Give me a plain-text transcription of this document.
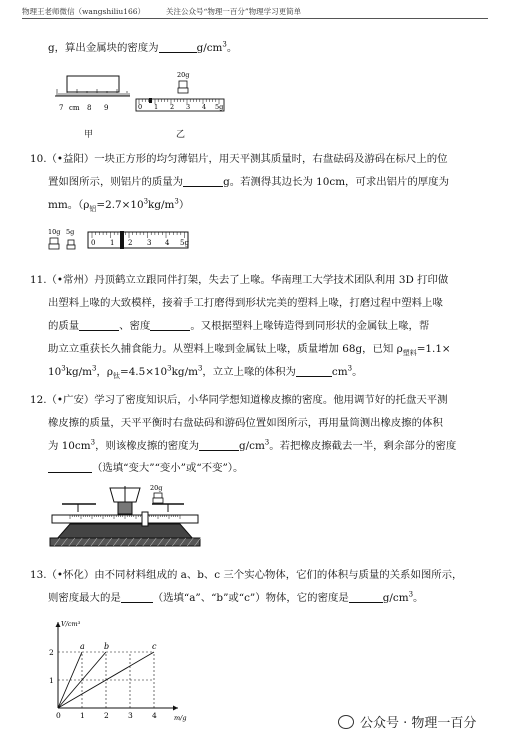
物理王老师微信（wangshiliu166）	关注公众号“物理一百分”物理学习更简单
g，算出金属块的密度为	$g/cm^3$。
7 cm 8 9
甲
20g
0 1 2 3 4 5g
乙
10.（•益阳）一块正方形的均匀薄铝片，用天平测其质量时，右盘砝码及游码在标尺上的位
置如图所示，则铝片的质量为	g。若测得其边长为 10cm，可求出铝片的厚度为
mm。$(\rho_铝=2.7\times 10^3kg/m^3)$
10g 5g
0 1 2 3 4 5g
11.（•常州）丹顶鹤立立跟同伴打架，失去了上喙。华南理工大学技术团队利用 3D 打印做
出塑料上喙的大致模样，接着手工打磨得到形状完美的塑料上喙，打磨过程中塑料上喙
的质量	、密度	。又根据塑料上喙铸造得到同形状的金属钛上喙，帮
助立立重获长久捕食能力。从塑料上喙到金属钛上喙，质量增加 68g，已知 $\rho_{塑料}=1.1\times$
$10^3kg/m^3$，$\rho_钛=4.5\times 10^3kg/m^3$，立立上喙的体积为	$cm^3$。
12.（•广安）学习了密度知识后，小华同学想知道橡皮擦的密度。他用调节好的托盘天平测
橡皮擦的质量，天平平衡时右盘砝码和游码位置如图所示，再用量筒测出橡皮擦的体积
为 $10cm^3$，则该橡皮擦的密度为	$g/cm^3$。若把橡皮擦截去一半，剩余部分的密度
（选填“变大”“变小”或“不变”）。
20g
13.（•怀化）由不同材料组成的 a、b、c 三个实心物体，它们的体积与质量的关系如图所示，
则密度最大的是	（选填“a”、“b”或“c”）物体，它的密度是	$g/cm^3$。
a b	c
0	1	2	3	4
1
2
V/cm³
m/g	公众号 · 物理一百分
